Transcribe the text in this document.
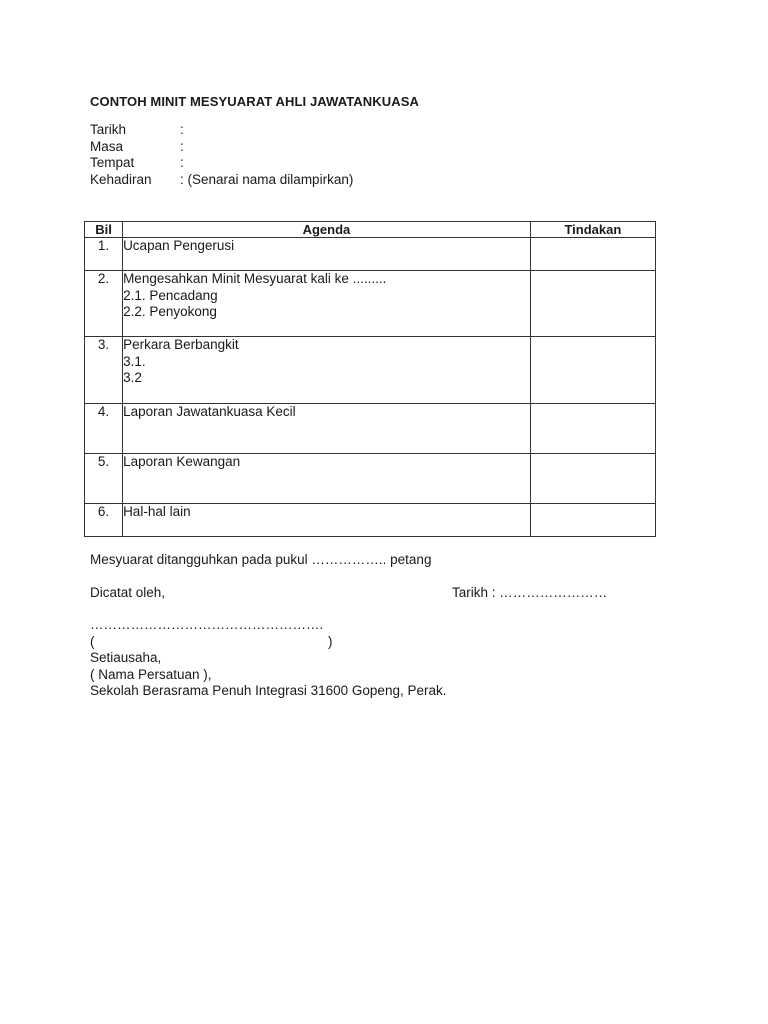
CONTOH MINIT MESYUARAT AHLI JAWATANKUASA
Tarikh	:
Masa	:
Tempat	:
Kehadiran	: (Senarai nama dilampirkan)
Bil	Agenda	Tindakan
1.	Ucapan Pengerusi	

2.	Mengesahkan Minit Mesyuarat kali ke .........
2.1. Pencadang
2.2. Penyokong	

3.	Perkara Berbangkit
3.1.
3.2	

4.	Laporan Jawatankuasa Kecil	

5.	Laporan Kewangan	

6.	Hal-hal lain	

Mesyuarat ditangguhkan pada pukul …………….. petang
Dicatat oleh,	Tarikh : ……………………
…………………………………………….
(	)
Setiausaha,
( Nama Persatuan ),
Sekolah Berasrama Penuh Integrasi 31600 Gopeng, Perak.
